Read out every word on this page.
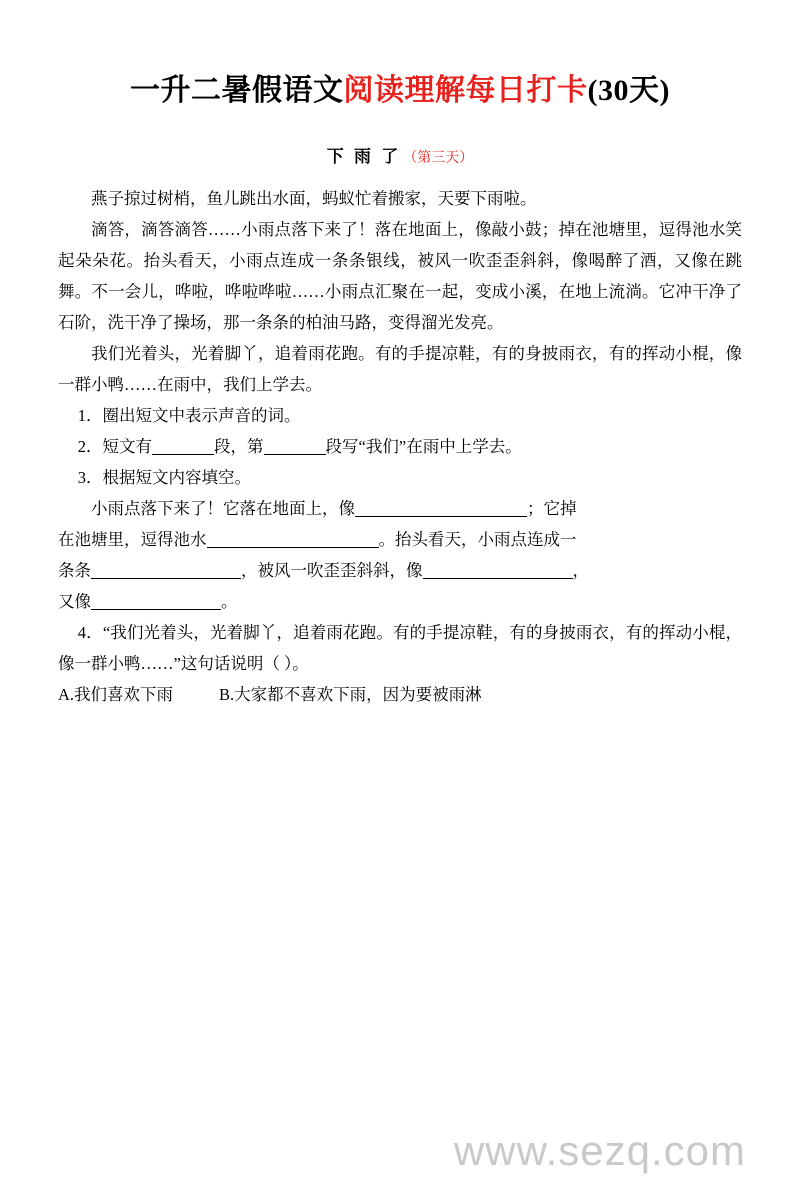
一升二暑假语文阅读理解每日打卡(30天)
下 雨 了 （第三天）

燕子掠过树梢，鱼儿跳出水面，蚂蚁忙着搬家，天要下雨啦。

滴答，滴答滴答……小雨点落下来了！落在地面上，像敲小鼓；掉在池塘里，逗得池水笑起朵朵花。抬头看天，小雨点连成一条条银线，被风一吹歪歪斜斜，像喝醉了酒，又像在跳舞。不一会儿，哗啦，哗啦哗啦……小雨点汇聚在一起，变成小溪，在地上流淌。它冲干净了石阶，洗干净了操场，那一条条的柏油马路，变得溜光发亮。

我们光着头，光着脚丫，追着雨花跑。有的手提凉鞋，有的身披雨衣，有的挥动小棍，像一群小鸭……在雨中，我们上学去。

1．圈出短文中表示声音的词。

2．短文有	段，第	段写“我们”在雨中上学去。

3．根据短文内容填空。

小雨点落下来了！它落在地面上，像	；它掉

在池塘里，逗得池水	。抬头看天，小雨点连成一

条条	，被风一吹歪歪斜斜，像	，

又像	。

4．“我们光着头，光着脚丫，追着雨花跑。有的手提凉鞋，有的身披雨衣，有的挥动小棍，像一群小鸭……”这句话说明（ ）。

A.我们喜欢下雨	B.大家都不喜欢下雨，因为要被雨淋

www.sezq.com
